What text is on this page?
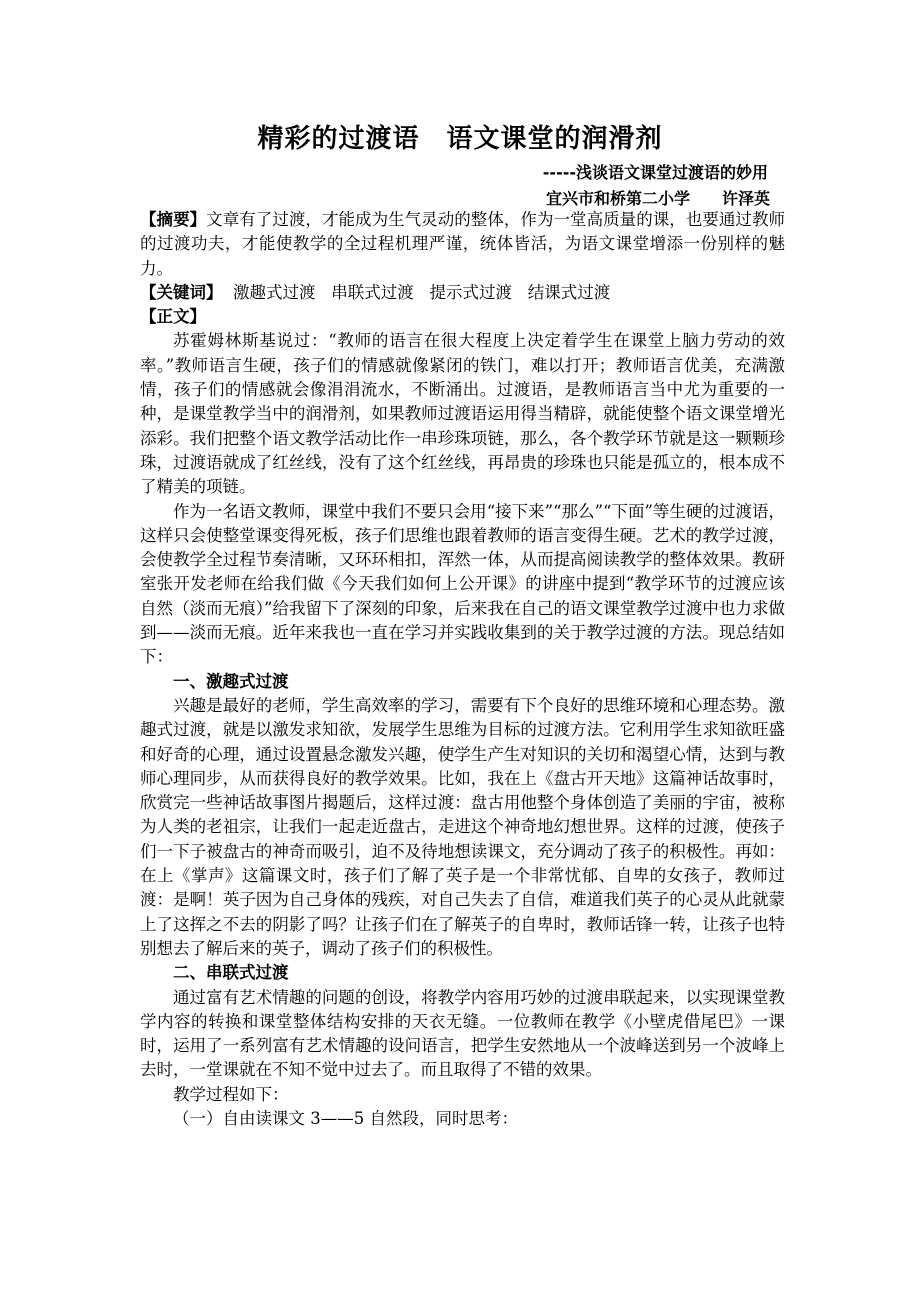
精彩的过渡语　语文课堂的润滑剂
-----浅谈语文课堂过渡语的妙用
宜兴市和桥第二小学　　许泽英

【摘要】文章有了过渡，才能成为生气灵动的整体，作为一堂高质量的课，也要通过教师的过渡功夫，才能使教学的全过程机理严谨，统体皆活，为语文课堂增添一份别样的魅力。

【关键词】  激趣式过渡   串联式过渡   提示式过渡   结课式过渡

【正文】

苏霍姆林斯基说过：“教师的语言在很大程度上决定着学生在课堂上脑力劳动的效率。”教师语言生硬，孩子们的情感就像紧闭的铁门，难以打开；教师语言优美，充满激情，孩子们的情感就会像涓涓流水，不断涌出。过渡语，是教师语言当中尤为重要的一种，是课堂教学当中的润滑剂，如果教师过渡语运用得当精辟，就能使整个语文课堂增光添彩。我们把整个语文教学活动比作一串珍珠项链，那么，各个教学环节就是这一颗颗珍珠，过渡语就成了红丝线，没有了这个红丝线，再昂贵的珍珠也只能是孤立的，根本成不了精美的项链。

作为一名语文教师，课堂中我们不要只会用“接下来”“那么”“下面”等生硬的过渡语，这样只会使整堂课变得死板，孩子们思维也跟着教师的语言变得生硬。艺术的教学过渡，会使教学全过程节奏清晰，又环环相扣，浑然一体，从而提高阅读教学的整体效果。教研室张开发老师在给我们做《今天我们如何上公开课》的讲座中提到“教学环节的过渡应该自然（淡而无痕）”给我留下了深刻的印象，后来我在自己的语文课堂教学过渡中也力求做到——淡而无痕。近年来我也一直在学习并实践收集到的关于教学过渡的方法。现总结如下：

一、激趣式过渡

兴趣是最好的老师，学生高效率的学习，需要有下个良好的思维环境和心理态势。激趣式过渡，就是以激发求知欲，发展学生思维为目标的过渡方法。它利用学生求知欲旺盛和好奇的心理，通过设置悬念激发兴趣，使学生产生对知识的关切和渴望心情，达到与教师心理同步，从而获得良好的教学效果。比如，我在上《盘古开天地》这篇神话故事时，欣赏完一些神话故事图片揭题后，这样过渡：盘古用他整个身体创造了美丽的宇宙，被称为人类的老祖宗，让我们一起走近盘古，走进这个神奇地幻想世界。这样的过渡，使孩子们一下子被盘古的神奇而吸引，迫不及待地想读课文，充分调动了孩子的积极性。再如：在上《掌声》这篇课文时，孩子们了解了英子是一个非常忧郁、自卑的女孩子，教师过渡：是啊！英子因为自己身体的残疾，对自己失去了自信，难道我们英子的心灵从此就蒙上了这挥之不去的阴影了吗？让孩子们在了解英子的自卑时，教师话锋一转，让孩子也特别想去了解后来的英子，调动了孩子们的积极性。

二、串联式过渡

通过富有艺术情趣的问题的创设，将教学内容用巧妙的过渡串联起来，以实现课堂教学内容的转换和课堂整体结构安排的天衣无缝。一位教师在教学《小壁虎借尾巴》一课时，运用了一系列富有艺术情趣的设问语言，把学生安然地从一个波峰送到另一个波峰上去时，一堂课就在不知不觉中过去了。而且取得了不错的效果。

教学过程如下：

（一）自由读课文 3——5 自然段，同时思考：
